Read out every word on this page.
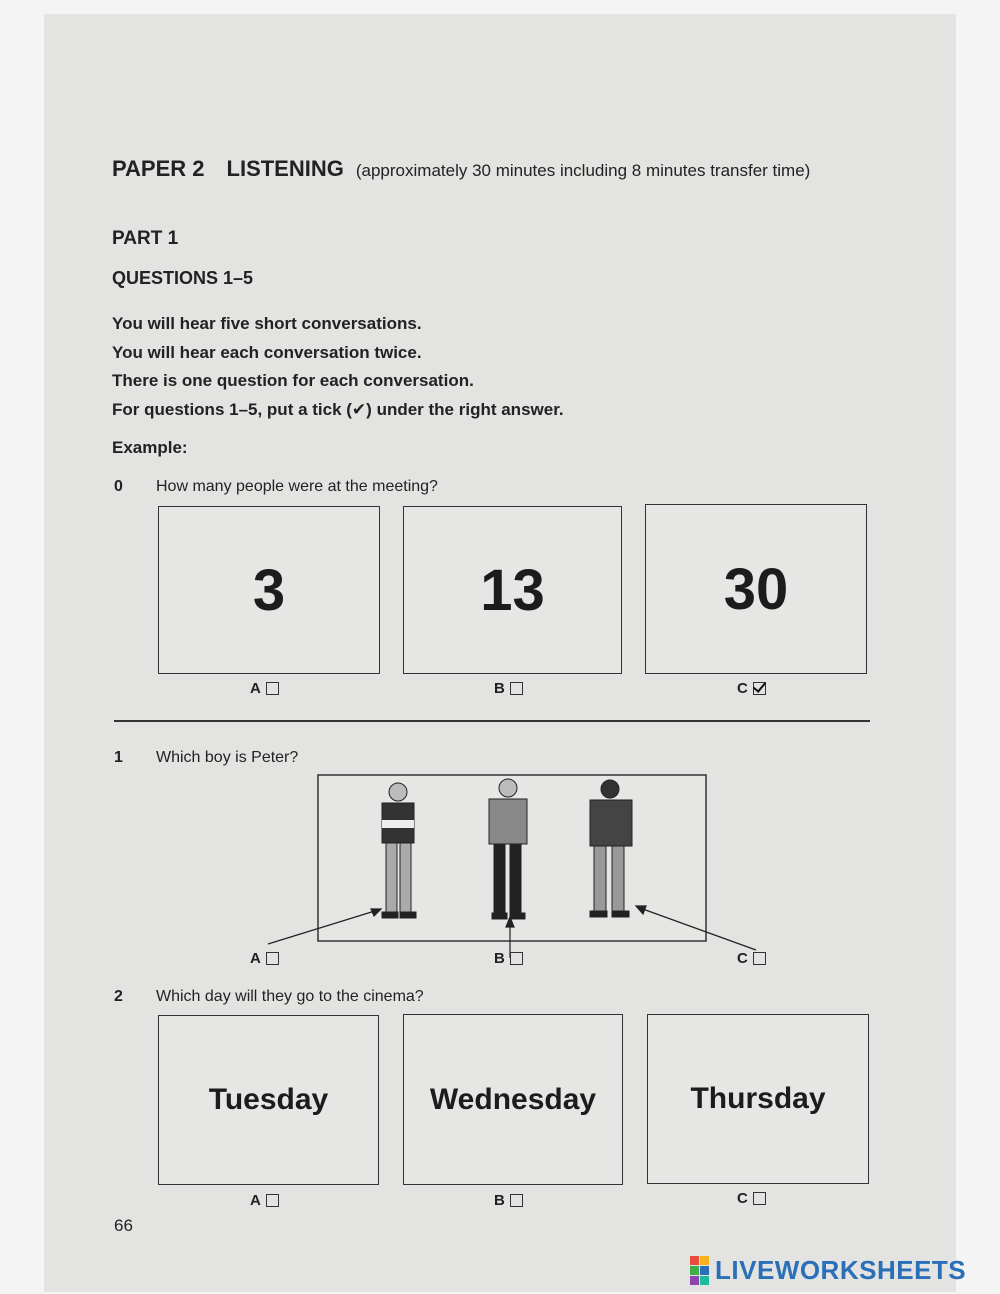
PAPER 2 LISTENING (approximately 30 minutes including 8 minutes transfer time)
PART 1
QUESTIONS 1–5
You will hear five short conversations.
You will hear each conversation twice.
There is one question for each conversation.
For questions 1–5, put a tick (✔) under the right answer.
Example:
0 How many people were at the meeting?
3	13	30
A	B	C
1 Which boy is Peter?
A	B	C
2 Which day will they go to the cinema?
Tuesday	Wednesday	Thursday
A	B	C
66
LIVEWORKSHEETS
